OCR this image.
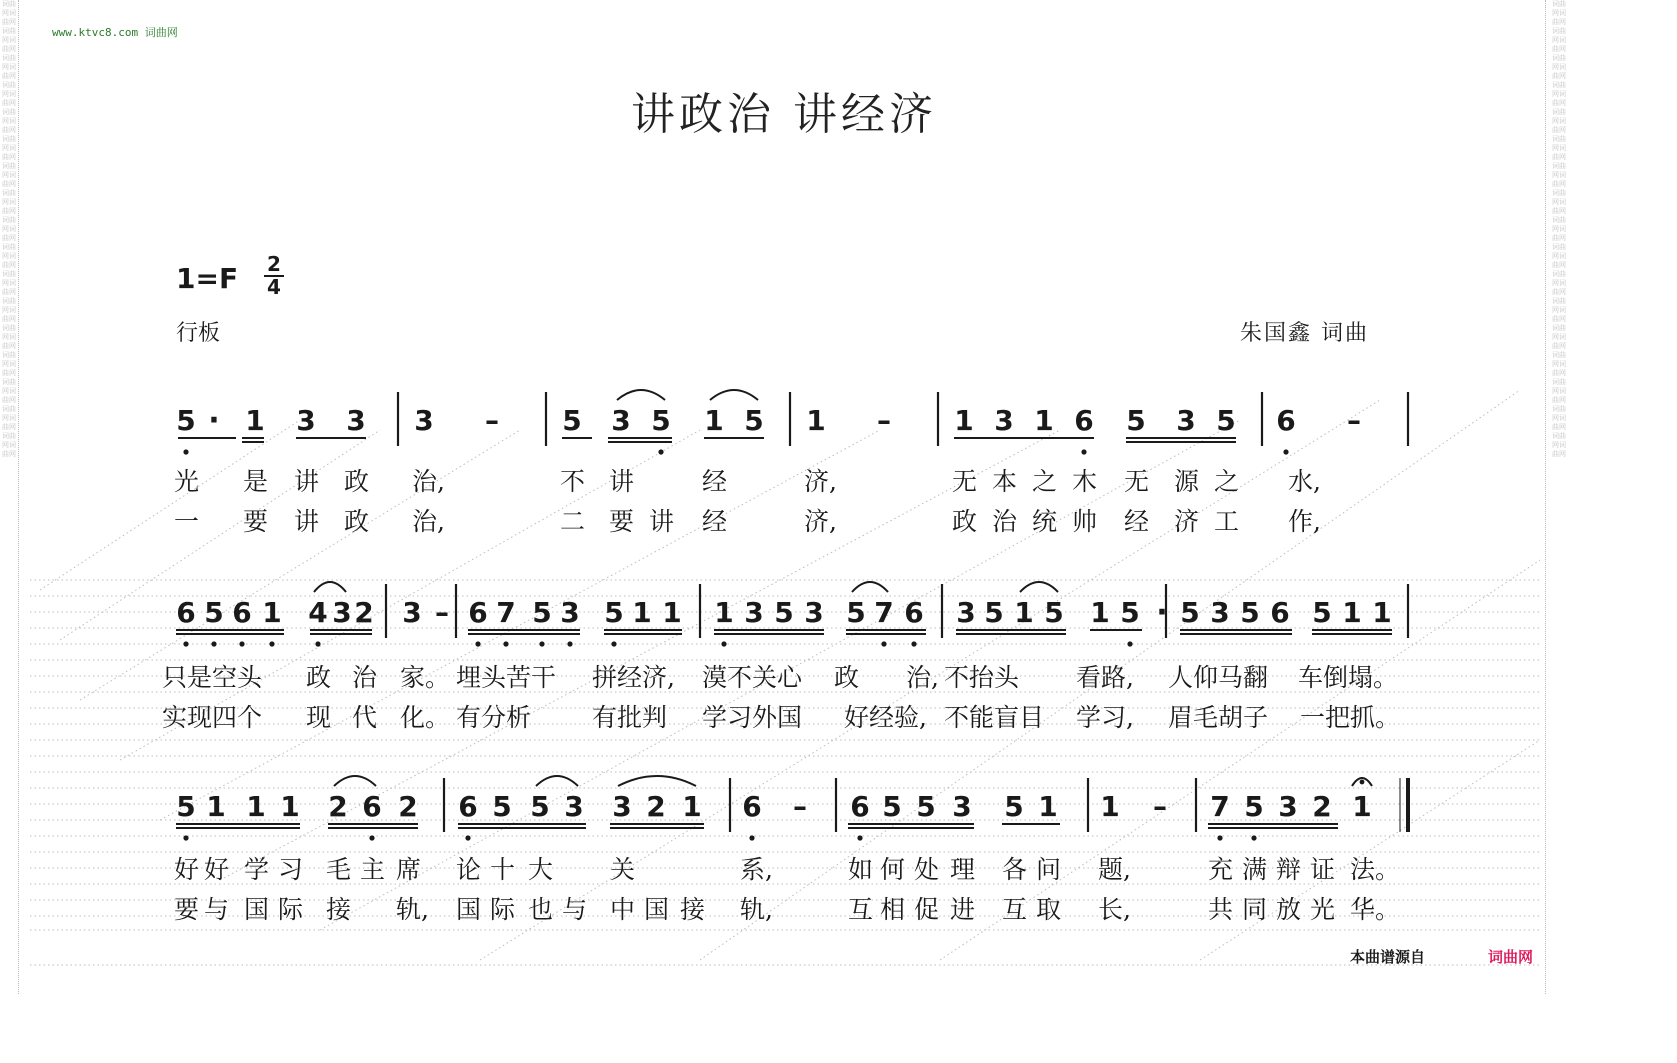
词曲网词曲网词曲网词曲网词曲网词曲网词曲网词曲网词曲网词曲网词曲网词曲网词曲网词曲网词曲网词曲网词曲网词曲网词曲网词曲网词曲网词曲网词曲网词曲网词曲网词曲网词曲网词曲网词曲网词曲网词曲网词曲网词曲网词曲网
词曲网词曲网词曲网词曲网词曲网词曲网词曲网词曲网词曲网词曲网词曲网词曲网词曲网词曲网词曲网词曲网词曲网词曲网词曲网词曲网词曲网词曲网词曲网词曲网词曲网词曲网词曲网词曲网词曲网词曲网词曲网词曲网词曲网词曲网
www.ktvc8.com 词曲网
讲政治 讲经济
1=F 2
4
行板	朱国鑫 词曲
5 · 1 3 3 3 – 5 3 5 1 5 1 – 1 3 1 6 5 3 5 6 –
6 5 6 1 4 3 2 3 – 6 7 5 3 5 1 1 1 3 5 3 5 7 6 3 5 1 5 1 5 · 5 3 5 6 5 1 1
5 1 1 1 2 6 2 6 5 5 3 3 2 1 6 – 6 5 5 3 5 1 1 – 7 5 3 2 1
光 是 讲 政 治,	不 讲	经	济,	无 本 之 木 无 源 之 水,
一 要 讲 政 治,	二 要 讲 经	济,	政 治 统 帅 经 济 工 作,
只是空头 政 治 家。 埋头苦干 拼经济, 漠不关心 政 治, 不抬头 看路, 人仰马翻 车倒塌。
实现四个 现 代 化。 有分析 有批判 学习外国 好经验, 不能盲目 学习, 眉毛胡子 一把抓。
好 好 学 习 毛 主 席 论 十 大 关	系,	如 何 处 理 各 问 题,	充 满 辩 证 法。
要 与 国 际 接 轨, 国 际 也 与 中 国 接 轨,	互 相 促 进 互 取 长,	共 同 放 光 华。
本曲谱源自	词曲网
